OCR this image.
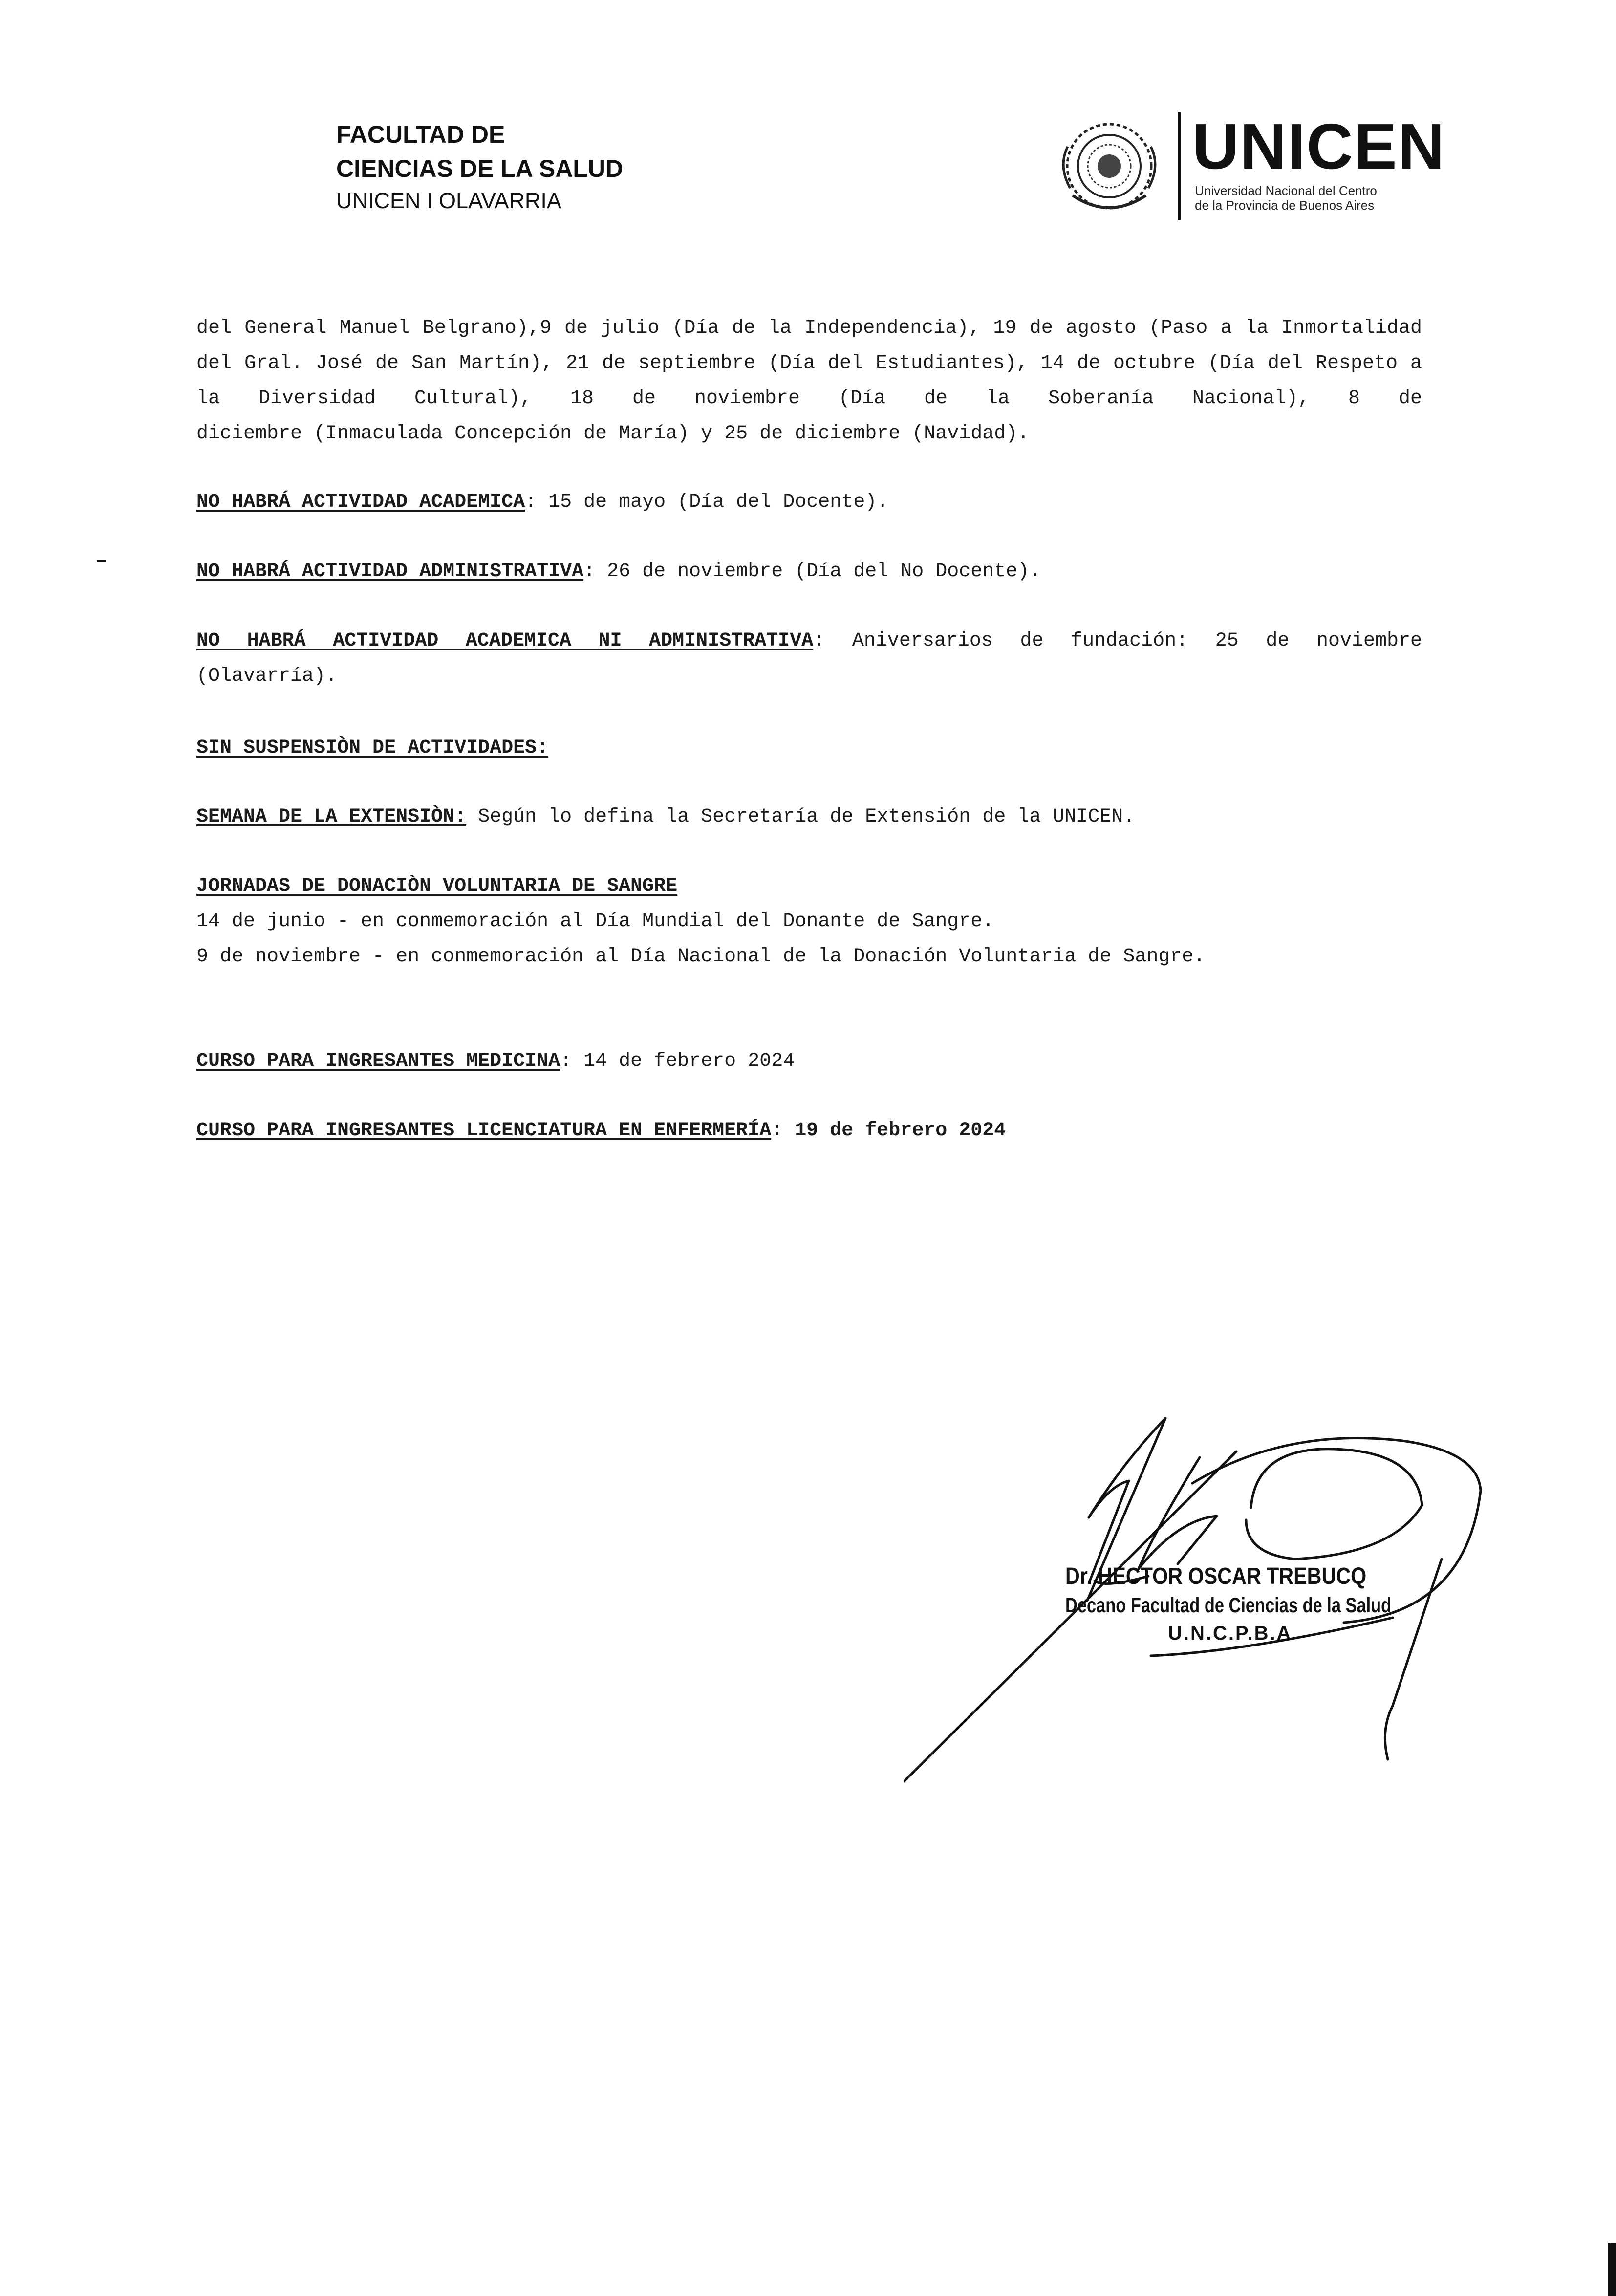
FACULTAD DE
CIENCIAS DE LA SALUD
UNICEN I OLAVARRIA
UNICEN
Universidad Nacional del Centro
de la Provincia de Buenos Aires
del General Manuel Belgrano),9 de julio (Día de la Independencia), 19 de agosto (Paso a la Inmortalidad del Gral. José de San Martín), 21 de septiembre (Día del Estudiantes), 14 de octubre (Día del Respeto a la Diversidad Cultural), 18 de noviembre (Día de la Soberanía Nacional), 8 de
diciembre (Inmaculada Concepción de María) y 25 de diciembre (Navidad).
NO HABRÁ ACTIVIDAD ACADEMICA: 15 de mayo (Día del Docente).
NO HABRÁ ACTIVIDAD ADMINISTRATIVA: 26 de noviembre (Día del No Docente).
NO HABRÁ ACTIVIDAD ACADEMICA NI ADMINISTRATIVA: Aniversarios de fundación: 25 de noviembre
(Olavarría).
SIN SUSPENSIÒN DE ACTIVIDADES:
SEMANA DE LA EXTENSIÒN: Según lo defina la Secretaría de Extensión de la UNICEN.
JORNADAS DE DONACIÒN VOLUNTARIA DE SANGRE
14 de junio - en conmemoración al Día Mundial del Donante de Sangre.
9 de noviembre - en conmemoración al Día Nacional de la Donación Voluntaria de Sangre.
CURSO PARA INGRESANTES MEDICINA: 14 de febrero 2024
CURSO PARA INGRESANTES LICENCIATURA EN ENFERMERÍA: 19 de febrero 2024
Dr. HECTOR OSCAR TREBUCQ
Decano Facultad de Ciencias de la Salud
U.N.C.P.B.A
